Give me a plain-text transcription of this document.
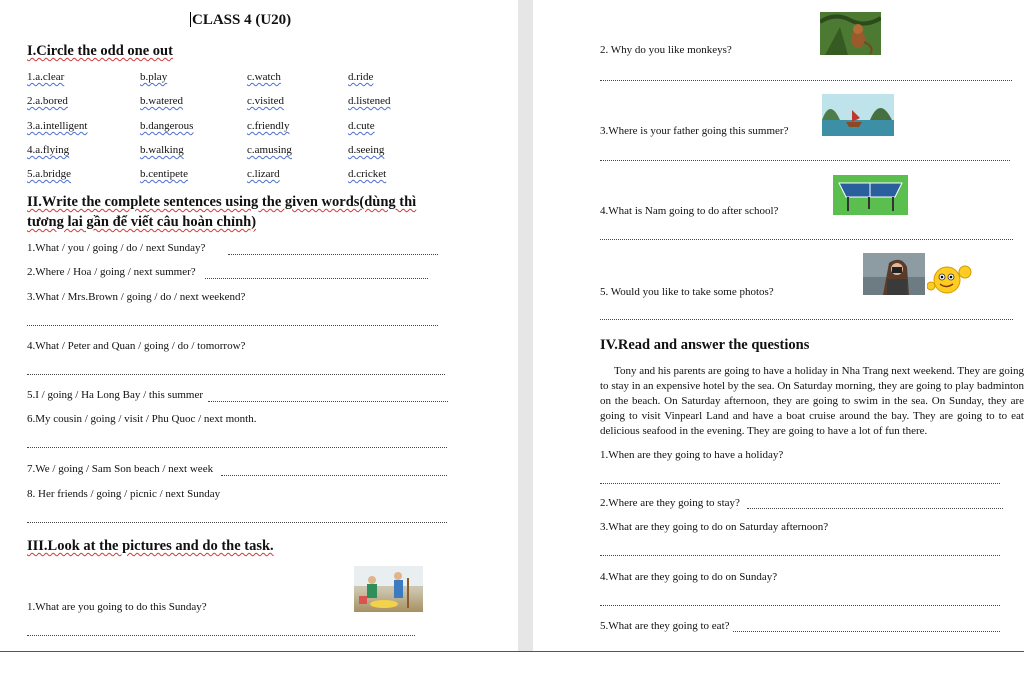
CLASS 4 (U20)
I.Circle the odd one out
1.a.clear	b.play	c.watch	d.ride
2.a.bored	b.watered	c.visited	d.listened
3.a.intelligent	b.dangerous	c.friendly	d.cute
4.a.flying	b.walking	c.amusing	d.seeing
5.a.bridge	b.centipete	c.lizard	d.cricket
II.Write the complete sentences using the given words(dùng thì
tương lai gần để viết câu hoàn chỉnh)
1.What / you / going / do / next Sunday?
2.Where / Hoa / going / next summer?
3.What / Mrs.Brown / going / do / next weekend?
4.What / Peter and Quan / going / do / tomorrow?
5.I / going / Ha Long Bay / this summer
6.My cousin / going / visit / Phu Quoc / next month.
7.We / going / Sam Son beach / next week
8. Her friends / going / picnic / next Sunday
III.Look at the pictures and do the task.
1.What are you going to do this Sunday?
2. Why do you like monkeys?
3.Where is your father going this summer?
4.What is Nam going to do after school?
5. Would you like to take some photos?
IV.Read and answer the questions
Tony and his parents are going to have a holiday in Nha Trang next weekend. They are going to stay in an expensive hotel by the sea. On Saturday morning, they are going to play badminton on the beach. On Saturday afternoon, they are going to swim in the sea. On Sunday, they are going to visit Vinpearl Land and have a boat cruise around the bay. They are going to to eat delicious seafood in the evening. They are going to have a lot of fun there.
1.When are they going to have a holiday?
2.Where are they going to stay?
3.What are they going to do on Saturday afternoon?
4.What are they going to do on Sunday?
5.What are they going to eat?
